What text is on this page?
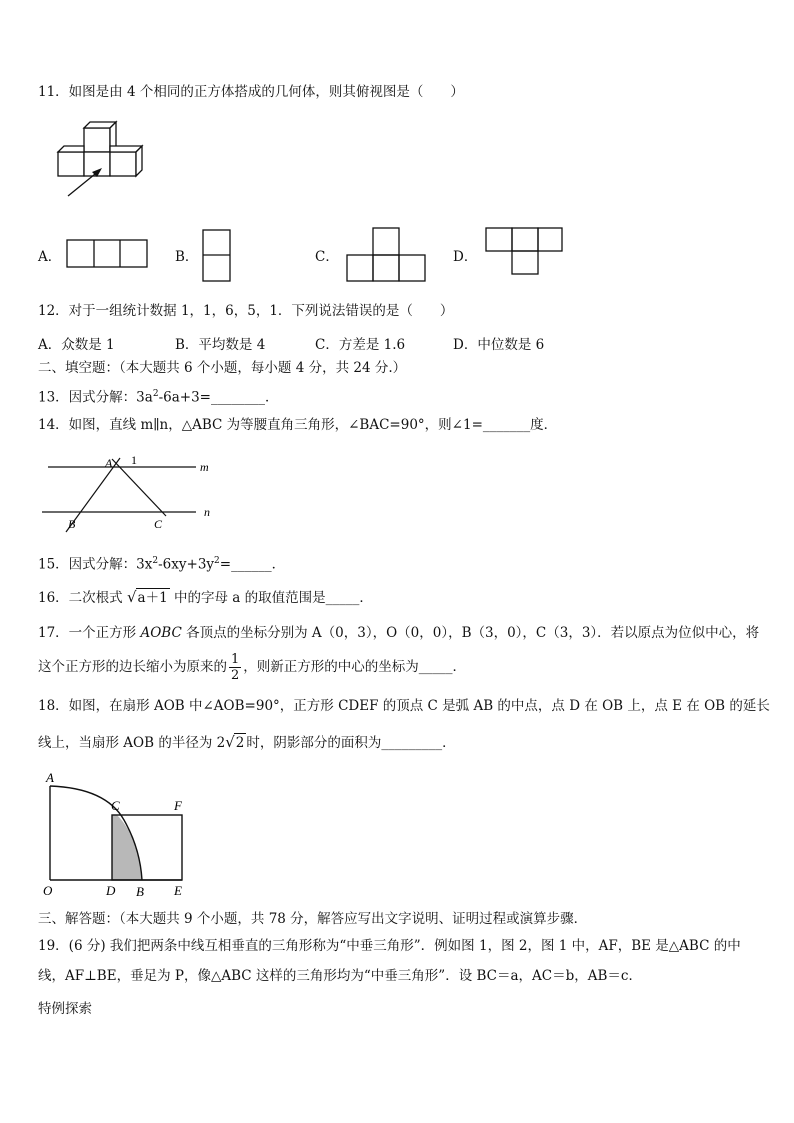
11．如图是由 4 个相同的正方体搭成的几何体，则其俯视图是（　　）
A．	B．	C．	D．
12．对于一组统计数据 1，1，6，5，1．下列说法错误的是（　　）
A．众数是 1	B．平均数是 4	C．方差是 1.6	D．中位数是 6
二、填空题：（本大题共 6 个小题，每小题 4 分，共 24 分.）
13．因式分解：$3a^2-6a+3=\_\_\_\_\_\_\_\_$．
14．如图，直线 m∥n，△ABC 为等腰直角三角形，∠BAC=90°，则∠1=_______度．
A 1	m
n
B	C
15．因式分解：$3x^2-6xy+3y^2=\_\_\_\_\_\_$．
16．二次根式 √a＋1 中的字母 a 的取值范围是_____．
17．一个正方形 AOBC 各顶点的坐标分别为 A（0，3），O（0，0），B（3，0），C（3，3）．若以原点为位似中心，将
这个正方形的边长缩小为原来的 $\frac{1}{2}$ ，则新正方形的中心的坐标为_____．
18．如图，在扇形 AOB 中∠AOB=90°，正方形 CDEF 的顶点 C 是弧 AB 的中点，点 D 在 OB 上，点 E 在 OB 的延长
线上，当扇形 AOB 的半径为 2√2 时，阴影部分的面积为_________．
A
C	F
O	D B E
三、解答题：（本大题共 9 个小题，共 78 分，解答应写出文字说明、证明过程或演算步骤．
19．(6 分) 我们把两条中线互相垂直的三角形称为“中垂三角形”．例如图 1，图 2，图 1 中，AF，BE 是△ABC 的中
线，AF⊥BE，垂足为 P，像△ABC 这样的三角形均为“中垂三角形”．设 BC＝a，AC＝b，AB＝c．
特例探索
